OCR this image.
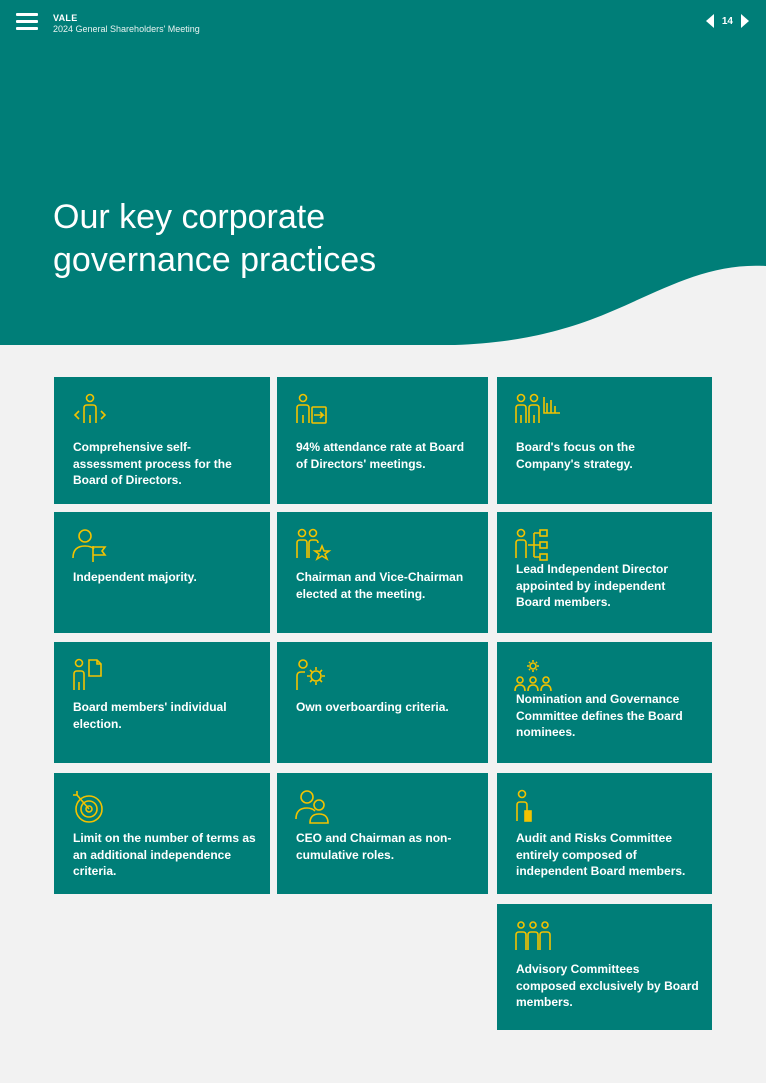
VALE
2024 General Shareholders' Meeting
14
Our key corporate
governance practices
Comprehensive self-assessment process for the Board of Directors.
94% attendance rate at Board of Directors' meetings.
Board's focus on the Company's strategy.
Independent majority.	Chairman and Vice-Chairman elected at the meeting.
Lead Independent Director appointed by independent Board members.
Board members' individual election.
Own overboarding criteria.
Nomination and Governance Committee defines the Board nominees.
Limit on the number of terms as an additional independence criteria.
CEO and Chairman as non-cumulative roles.
Audit and Risks Committee entirely composed of independent Board members.
Advisory Committees composed exclusively by Board members.
